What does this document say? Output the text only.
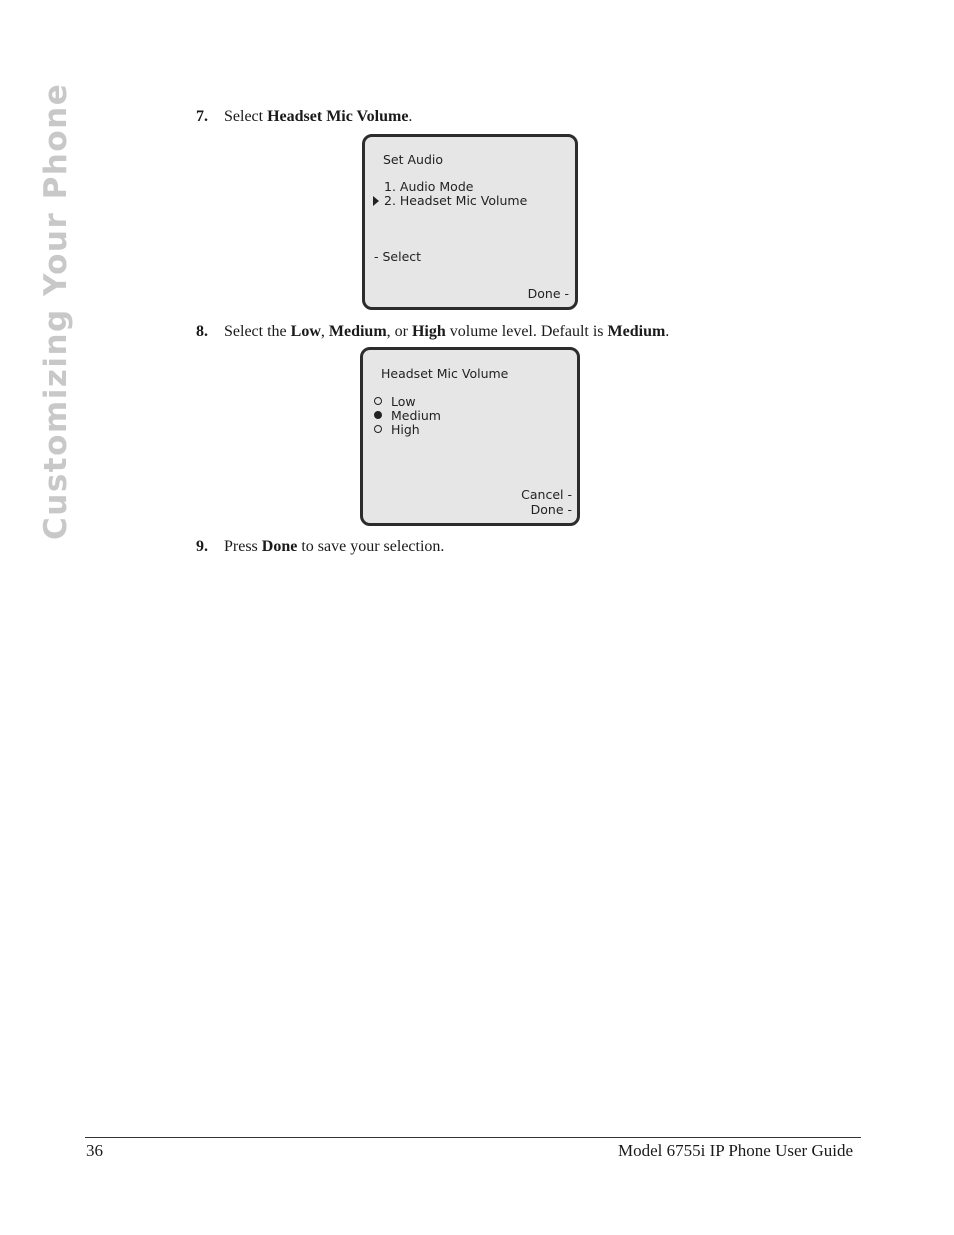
Customizing Your Phone	7. Select Headset Mic Volume.
Set Audio
1. Audio Mode
2. Headset Mic Volume
- Select
Done -
8. Select the Low, Medium, or High volume level. Default is Medium.
Headset Mic Volume
Low
Medium
High
Cancel -
Done -
9. Press Done to save your selection.
36	Model 6755i IP Phone User Guide
